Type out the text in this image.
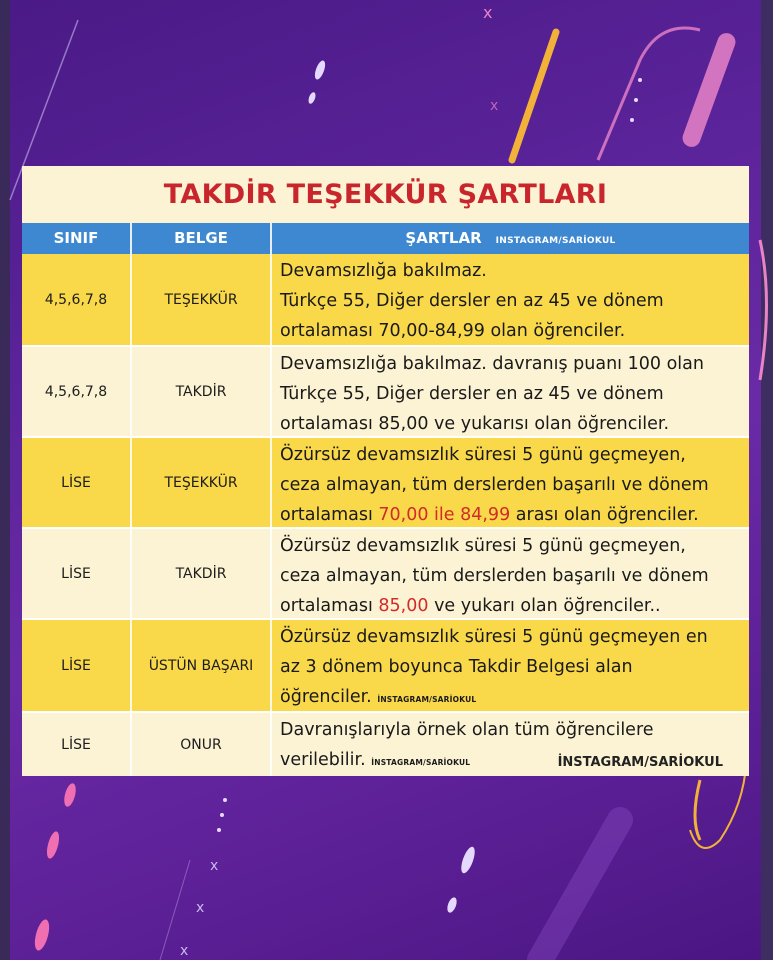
x
x
x
x
x
TAKDİR TEŞEKKÜR ŞARTLARI
SINIF	BELGE	ŞARTLAR INSTAGRAM/SARİOKUL
4,5,6,7,8	TEŞEKKÜR
Devamsızlığa bakılmaz.
Türkçe 55, Diğer dersler en az 45 ve dönem
ortalaması 70,00-84,99 olan öğrenciler.
4,5,6,7,8	TAKDİR
Devamsızlığa bakılmaz. davranış puanı 100 olan
Türkçe 55, Diğer dersler en az 45 ve dönem
ortalaması 85,00 ve yukarısı olan öğrenciler.
LİSE	TEŞEKKÜR
Özürsüz devamsızlık süresi 5 günü geçmeyen,
ceza almayan, tüm derslerden başarılı ve dönem
ortalaması 70,00 ile 84,99 arası olan öğrenciler.
LİSE	TAKDİR
Özürsüz devamsızlık süresi 5 günü geçmeyen,
ceza almayan, tüm derslerden başarılı ve dönem
ortalaması 85,00 ve yukarı olan öğrenciler..
LİSE	ÜSTÜN BAŞARI
Özürsüz devamsızlık süresi 5 günü geçmeyen en
az 3 dönem boyunca Takdir Belgesi alan
öğrenciler. İNSTAGRAM/SARİOKUL
LİSE	ONUR
Davranışlarıyla örnek olan tüm öğrencilere
verilebilir. İNSTAGRAM/SARİOKUL	İNSTAGRAM/SARİOKUL
